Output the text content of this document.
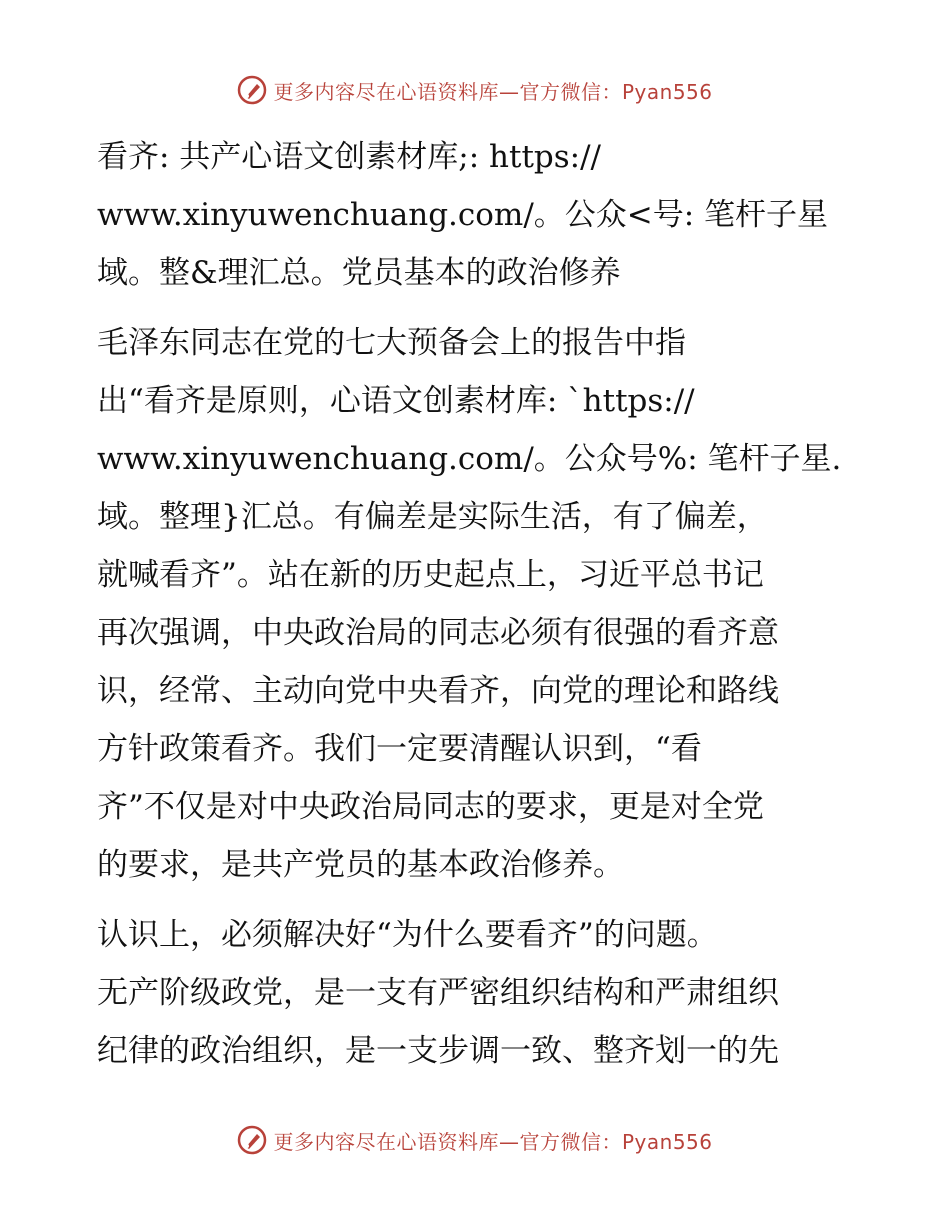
更多内容尽在心语资料库—官方微信：Pyan556
看齐: 共产心语文创素材库;: https://
www.xinyuwenchuang.com/。公众<号: 笔杆子星
域。整&理汇总。党员基本的政治修养
毛泽东同志在党的七大预备会上的报告中指
出“看齐是原则，心语文创素材库: `https://
www.xinyuwenchuang.com/。公众号%: 笔杆子星.
域。整理}汇总。有偏差是实际生活，有了偏差，
就喊看齐”。站在新的历史起点上，习近平总书记
再次强调，中央政治局的同志必须有很强的看齐意
识，经常、主动向党中央看齐，向党的理论和路线
方针政策看齐。我们一定要清醒认识到，“看
齐”不仅是对中央政治局同志的要求，更是对全党
的要求，是共产党员的基本政治修养。
认识上，必须解决好“为什么要看齐”的问题。
无产阶级政党，是一支有严密组织结构和严肃组织
纪律的政治组织，是一支步调一致、整齐划一的先
更多内容尽在心语资料库—官方微信：Pyan556
